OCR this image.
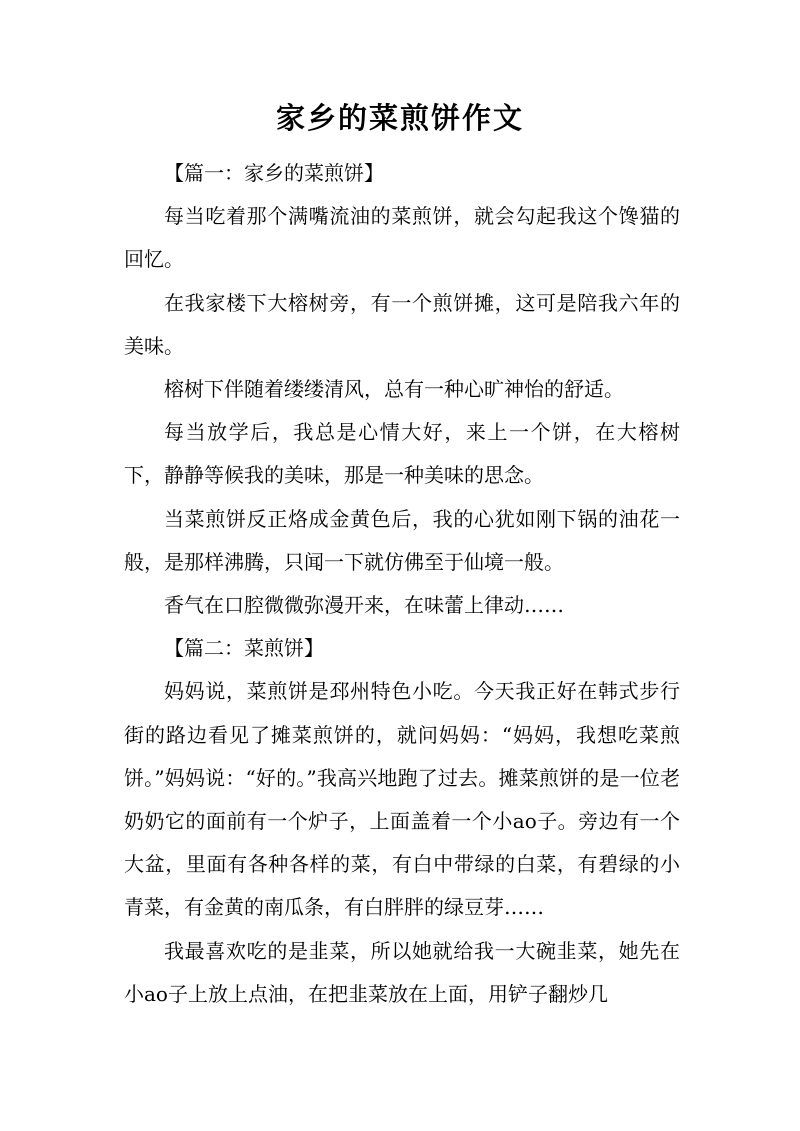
家乡的菜煎饼作文

【篇一：家乡的菜煎饼】

每当吃着那个满嘴流油的菜煎饼，就会勾起我这个馋猫的回忆。

在我家楼下大榕树旁，有一个煎饼摊，这可是陪我六年的美味。

榕树下伴随着缕缕清风，总有一种心旷神怡的舒适。

每当放学后，我总是心情大好，来上一个饼，在大榕树下，静静等候我的美味，那是一种美味的思念。

当菜煎饼反正烙成金黄色后，我的心犹如刚下锅的油花一般，是那样沸腾，只闻一下就仿佛至于仙境一般。

香气在口腔微微弥漫开来，在味蕾上律动……

【篇二：菜煎饼】

妈妈说，菜煎饼是邳州特色小吃。今天我正好在韩式步行街的路边看见了摊菜煎饼的，就问妈妈：“妈妈，我想吃菜煎饼。”妈妈说：“好的。”我高兴地跑了过去。摊菜煎饼的是一位老奶奶它的面前有一个炉子，上面盖着一个小ao子。旁边有一个大盆，里面有各种各样的菜，有白中带绿的白菜，有碧绿的小青菜，有金黄的南瓜条，有白胖胖的绿豆芽……

我最喜欢吃的是韭菜，所以她就给我一大碗韭菜，她先在小ao子上放上点油，在把韭菜放在上面，用铲子翻炒几
